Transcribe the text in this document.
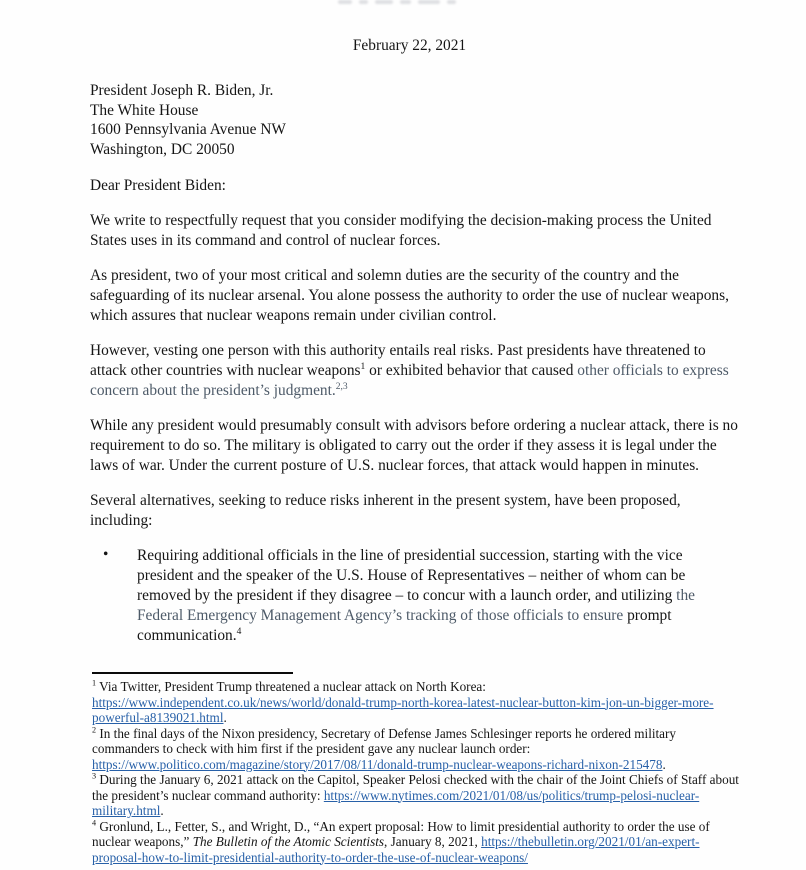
February 22, 2021
President Joseph R. Biden, Jr.
The White House
1600 Pennsylvania Avenue NW
Washington, DC 20050
Dear President Biden:

We write to respectfully request that you consider modifying the decision-making process the United States uses in its command and control of nuclear forces.

As president, two of your most critical and solemn duties are the security of the country and the safeguarding of its nuclear arsenal. You alone possess the authority to order the use of nuclear weapons, which assures that nuclear weapons remain under civilian control.

However, vesting one person with this authority entails real risks. Past presidents have threatened to attack other countries with nuclear weapons$^1$ or exhibited behavior that caused other officials to express concern about the president’s judgment.$^{2,3}$

While any president would presumably consult with advisors before ordering a nuclear attack, there is no requirement to do so. The military is obligated to carry out the order if they assess it is legal under the laws of war. Under the current posture of U.S. nuclear forces, that attack would happen in minutes.

Several alternatives, seeking to reduce risks inherent in the present system, have been proposed, including:

• Requiring additional officials in the line of presidential succession, starting with the vice president and the speaker of the U.S. House of Representatives – neither of whom can be removed by the president if they disagree – to concur with a launch order, and utilizing the Federal Emergency Management Agency’s tracking of those officials to ensure prompt communication.$^4$
$^1$ Via Twitter, President Trump threatened a nuclear attack on North Korea: https://www.independent.co.uk/news/world/donald-trump-north-korea-latest-nuclear-button-kim-jon-un-bigger-more-powerful-a8139021.html.
$^2$ In the final days of the Nixon presidency, Secretary of Defense James Schlesinger reports he ordered military commanders to check with him first if the president gave any nuclear launch order: https://www.politico.com/magazine/story/2017/08/11/donald-trump-nuclear-weapons-richard-nixon-215478.
$^3$ During the January 6, 2021 attack on the Capitol, Speaker Pelosi checked with the chair of the Joint Chiefs of Staff about the president’s nuclear command authority: https://www.nytimes.com/2021/01/08/us/politics/trump-pelosi-nuclear-military.html.
$^4$ Gronlund, L., Fetter, S., and Wright, D., “An expert proposal: How to limit presidential authority to order the use of nuclear weapons,” The Bulletin of the Atomic Scientists, January 8, 2021, https://thebulletin.org/2021/01/an-expert-proposal-how-to-limit-presidential-authority-to-order-the-use-of-nuclear-weapons/
